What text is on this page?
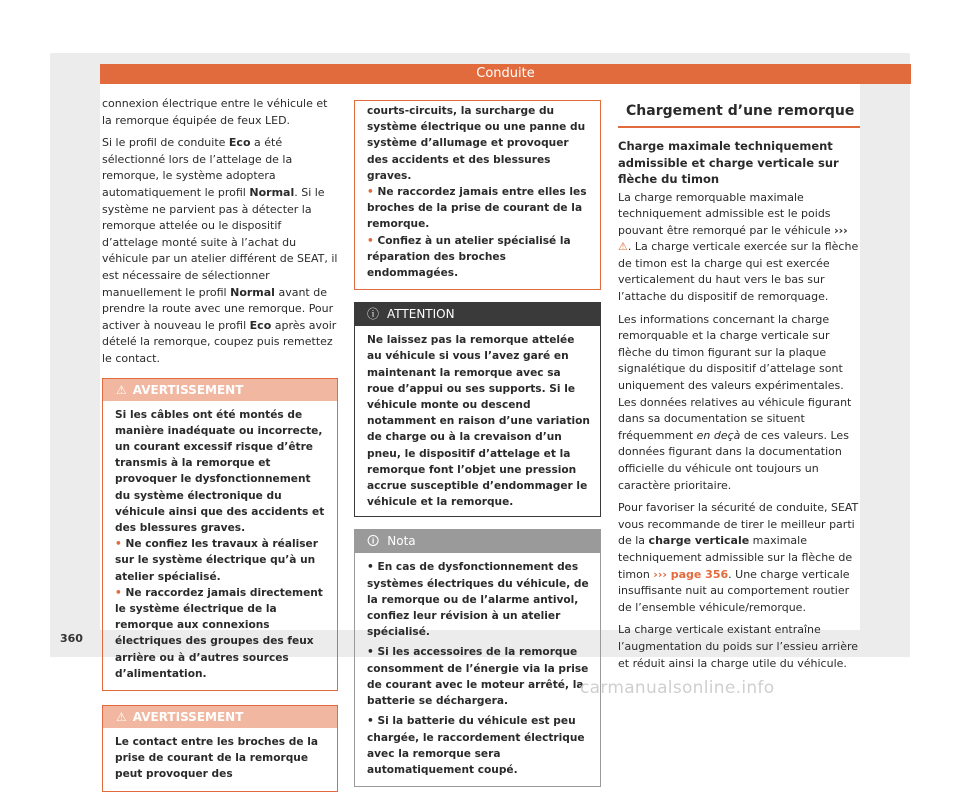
Conduite

connexion électrique entre le véhicule et la remorque équipée de feux LED.

Si le profil de conduite Eco a été sélectionné lors de l’attelage de la remorque, le système adoptera automatiquement le profil Normal. Si le système ne parvient pas à détecter la remorque attelée ou le dispositif d’attelage monté suite à l’achat du véhicule par un atelier différent de SEAT, il est nécessaire de sélectionner manuellement le profil Normal avant de prendre la route avec une remorque. Pour activer à nouveau le profil Eco après avoir dételé la remorque, coupez puis remettez le contact.

⚠ AVERTISSEMENT
Si les câbles ont été montés de manière inadéquate ou incorrecte, un courant excessif risque d’être transmis à la remorque et provoquer le dysfonctionnement du système électronique du véhicule ainsi que des accidents et des blessures graves.
• Ne confiez les travaux à réaliser sur le système électrique qu’à un atelier spécialisé.
• Ne raccordez jamais directement le système électrique de la remorque aux connexions électriques des groupes des feux arrière ou à d’autres sources d’alimentation.
⚠ AVERTISSEMENT
Le contact entre les broches de la prise de courant de la remorque peut provoquer des
courts-circuits, la surcharge du système électrique ou une panne du système d’allumage et provoquer des accidents et des blessures graves.
• Ne raccordez jamais entre elles les broches de la prise de courant de la remorque.
• Confiez à un atelier spécialisé la réparation des broches endommagées.
ⓘ ATTENTION
Ne laissez pas la remorque attelée au véhicule si vous l’avez garé en maintenant la remorque avec sa roue d’appui ou ses supports. Si le véhicule monte ou descend notamment en raison d’une variation de charge ou à la crevaison d’un pneu, le dispositif d’attelage et la remorque font l’objet une pression accrue susceptible d’endommager le véhicule et la remorque.
🛈 Nota
• En cas de dysfonctionnement des systèmes électriques du véhicule, de la remorque ou de l’alarme antivol, confiez leur révision à un atelier spécialisé.
• Si les accessoires de la remorque consomment de l’énergie via la prise de courant avec le moteur arrêté, la batterie se déchargera.
• Si la batterie du véhicule est peu chargée, le raccordement électrique avec la remorque sera automatiquement coupé.
Chargement d’une remorque
Charge maximale techniquement admissible et charge verticale sur flèche du timon

La charge remorquable maximale techniquement admissible est le poids pouvant être remorqué par le véhicule ››› ⚠. La charge verticale exercée sur la flèche de timon est la charge qui est exercée verticalement du haut vers le bas sur l’attache du dispositif de remorquage.

Les informations concernant la charge remorquable et la charge verticale sur flèche du timon figurant sur la plaque signalétique du dispositif d’attelage sont uniquement des valeurs expérimentales. Les données relatives au véhicule figurant dans sa documentation se situent fréquemment en deçà de ces valeurs. Les données figurant dans la documentation officielle du véhicule ont toujours un caractère prioritaire.

Pour favoriser la sécurité de conduite, SEAT vous recommande de tirer le meilleur parti de la charge verticale maximale techniquement admissible sur la flèche de timon ››› page 356. Une charge verticale insuffisante nuit au comportement routier de l’ensemble véhicule/remorque.

La charge verticale existant entraîne l’augmentation du poids sur l’essieu arrière et réduit ainsi la charge utile du véhicule.

360
carmanualsonline.info
